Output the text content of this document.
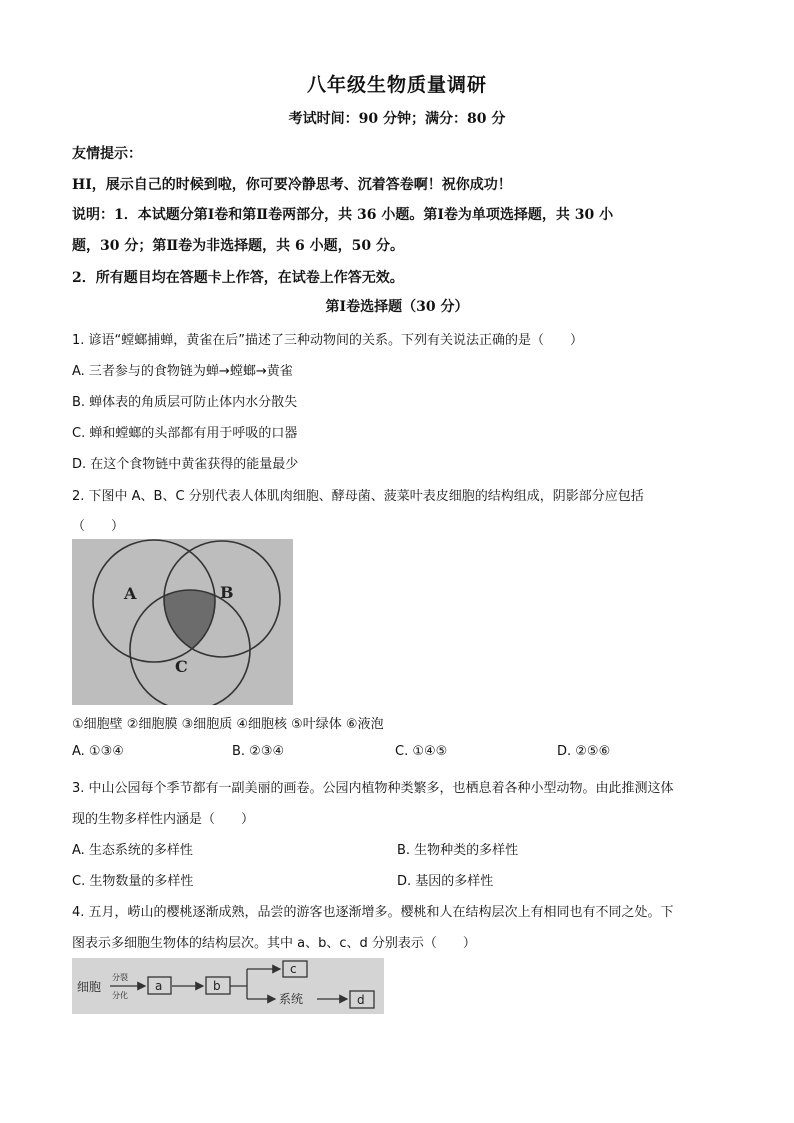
八年级生物质量调研
考试时间：90 分钟；满分：80 分
友情提示：
HI，展示自己的时候到啦，你可要冷静思考、沉着答卷啊！祝你成功！
说明：1．本试题分第Ⅰ卷和第Ⅱ卷两部分，共 36 小题。第Ⅰ卷为单项选择题，共 30 小
题，30 分；第Ⅱ卷为非选择题，共 6 小题，50 分。
2．所有题目均在答题卡上作答，在试卷上作答无效。
第Ⅰ卷选择题（30 分）
1. 谚语“螳螂捕蝉，黄雀在后”描述了三种动物间的关系。下列有关说法正确的是（　　）
A. 三者参与的食物链为蝉→螳螂→黄雀
B. 蝉体表的角质层可防止体内水分散失
C. 蝉和螳螂的头部都有用于呼吸的口器
D. 在这个食物链中黄雀获得的能量最少
2. 下图中 A、B、C 分别代表人体肌肉细胞、酵母菌、菠菜叶表皮细胞的结构组成，阴影部分应包括
（　　）
A	B
C
①细胞壁 ②细胞膜 ③细胞质 ④细胞核 ⑤叶绿体 ⑥液泡
A. ①③④	B. ②③④	C. ①④⑤	D. ②⑤⑥
3. 中山公园每个季节都有一副美丽的画卷。公园内植物种类繁多，也栖息着各种小型动物。由此推测这体
现的生物多样性内涵是（　　）
A. 生态系统的多样性	B. 生物种类的多样性
C. 生物数量的多样性	D. 基因的多样性
4. 五月，崂山的樱桃逐渐成熟，品尝的游客也逐渐增多。樱桃和人在结构层次上有相同也有不同之处。下
图表示多细胞生物体的结构层次。其中 a、b、c、d 分别表示（　　）
细胞
分裂
分化
a	b
c
系统	d
